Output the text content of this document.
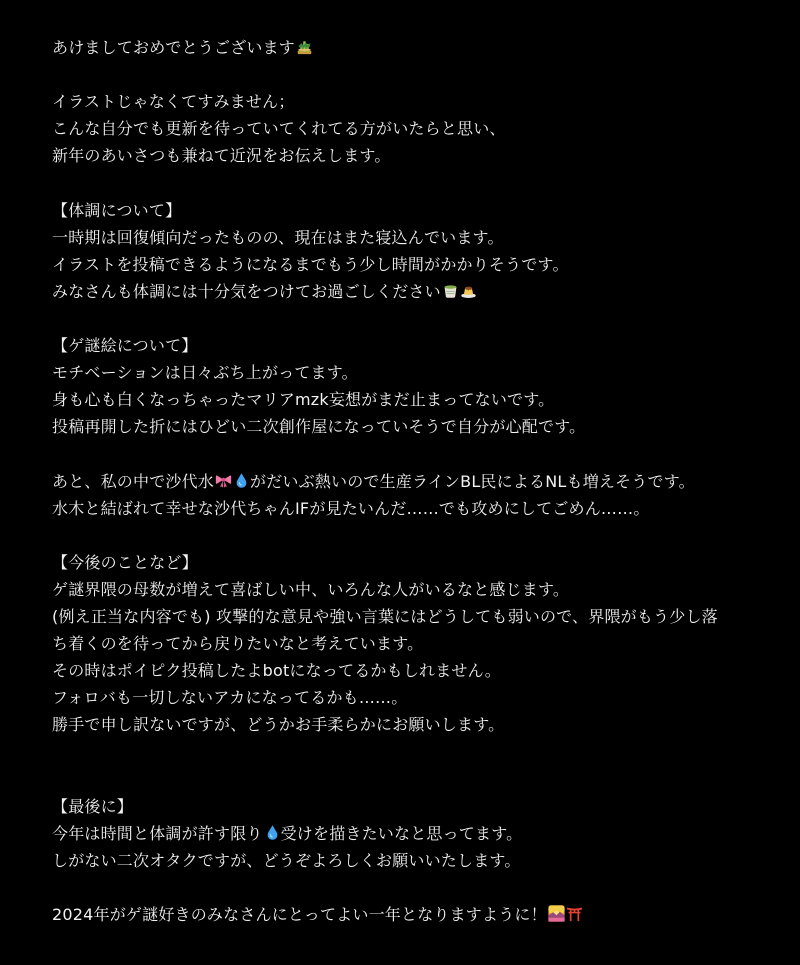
あけましておめでとうございます
イラストじゃなくてすみません；
こんな自分でも更新を待っていてくれてる方がいたらと思い、
新年のあいさつも兼ねて近況をお伝えします。
【体調について】
一時期は回復傾向だったものの、現在はまた寝込んでいます。
イラストを投稿できるようになるまでもう少し時間がかかりそうです。
みなさんも体調には十分気をつけてお過ごしください
【ゲ謎絵について】
モチベーションは日々ぶち上がってます。
身も心も白くなっちゃったマリアmzk妄想がまだ止まってないです。
投稿再開した折にはひどい二次創作屋になっていそうで自分が心配です。
あと、私の中で沙代水 がだいぶ熱いので生産ラインBL民によるNLも増えそうです。
水木と結ばれて幸せな沙代ちゃんIFが見たいんだ……でも攻めにしてごめん……。
【今後のことなど】
ゲ謎界隈の母数が増えて喜ばしい中、いろんな人がいるなと感じます。
(例え正当な内容でも) 攻撃的な意見や強い言葉にはどうしても弱いので、界隈がもう少し落
ち着くのを待ってから戻りたいなと考えています。
その時はポイピク投稿したよbotになってるかもしれません。
フォロバも一切しないアカになってるかも……。
勝手で申し訳ないですが、どうかお手柔らかにお願いします。
【最後に】
今年は時間と体調が許す限り 受けを描きたいなと思ってます。
しがない二次オタクですが、どうぞよろしくお願いいたします。
2024年がゲ謎好きのみなさんにとってよい一年となりますように！
